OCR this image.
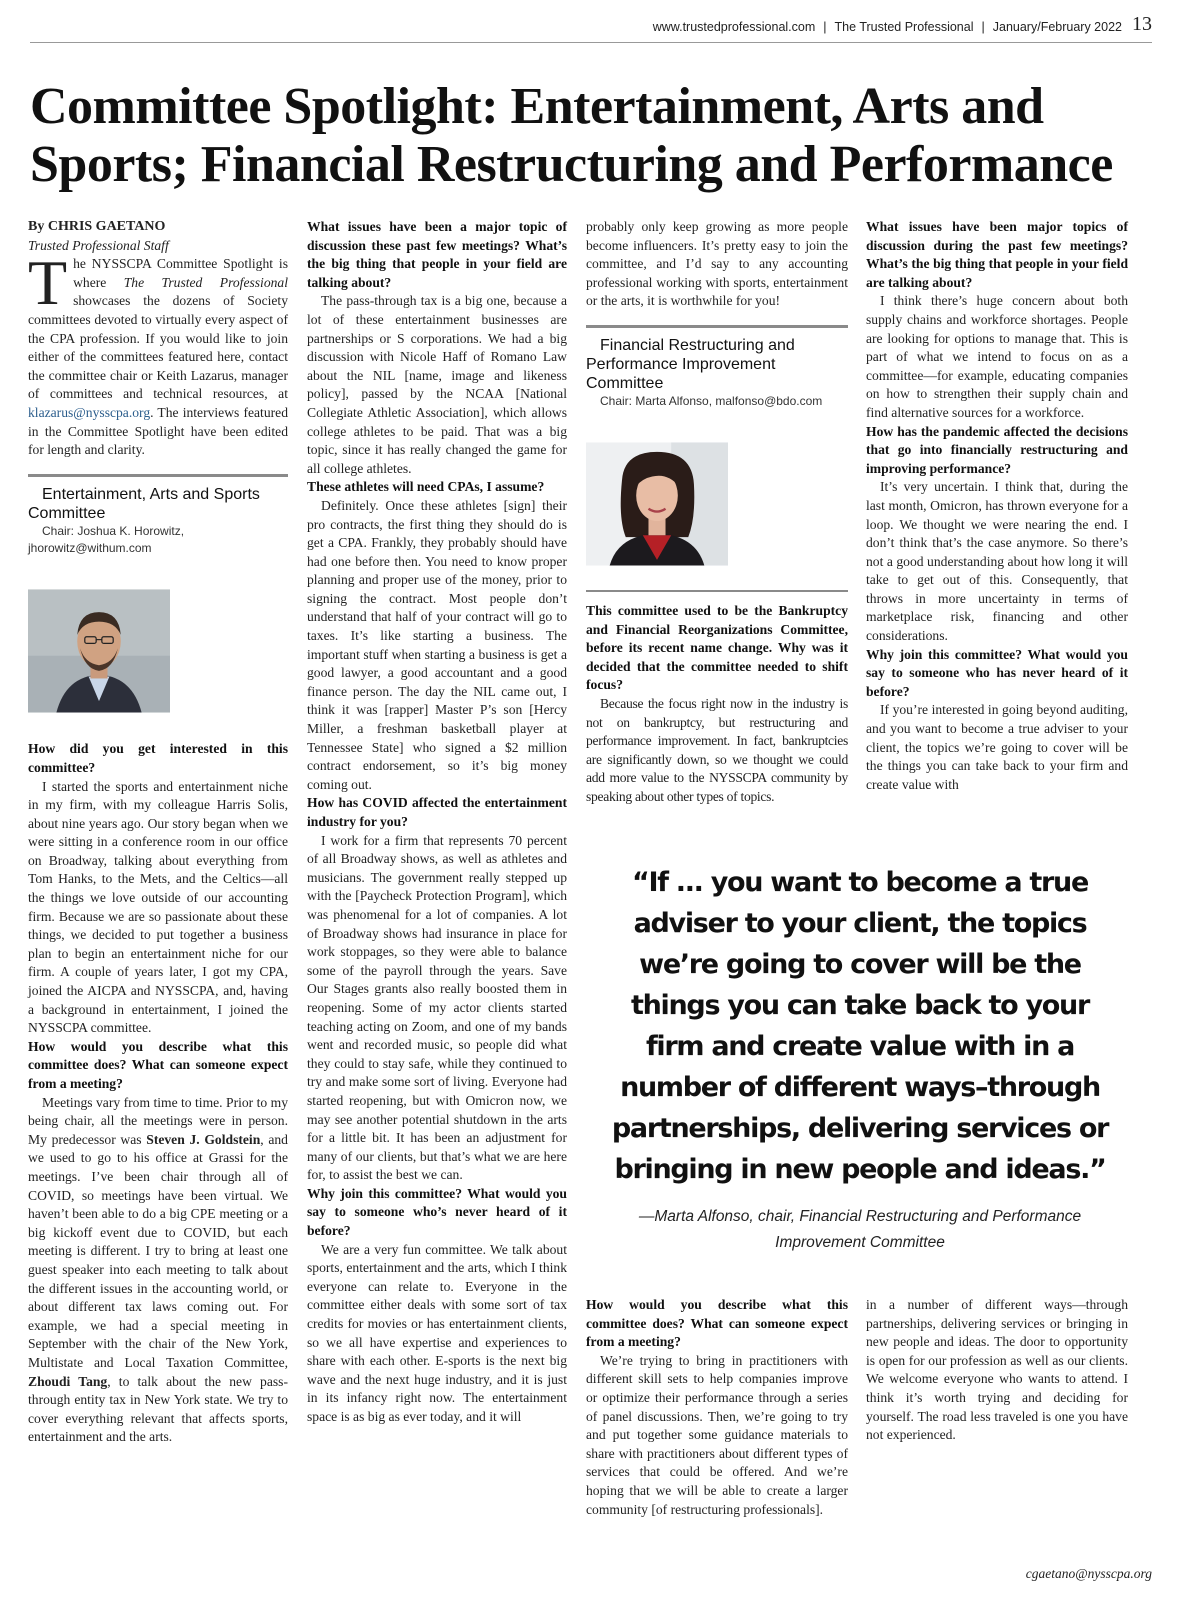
www.trustedprofessional.com | The Trusted Professional | January/February 2022 13
Committee Spotlight: Entertainment, Arts and Sports; Financial Restructuring and Performance

By CHRIS GAETANO

Trusted Professional Staff

The NYSSCPA Committee Spotlight is where The Trusted Professional showcases the dozens of Society committees devoted to virtually every aspect of the CPA profession. If you would like to join either of the committees featured here, contact the committee chair or Keith Lazarus, manager of committees and technical resources, at klazarus@nysscpa.org. The interviews featured in the Committee Spotlight have been edited for length and clarity.

Entertainment, Arts and Sports Committee

Chair: Joshua K. Horowitz, jhorowitz@withum.com

How did you get interested in this committee?

I started the sports and entertainment niche in my firm, with my colleague Harris Solis, about nine years ago. Our story began when we were sitting in a conference room in our office on Broadway, talking about everything from Tom Hanks, to the Mets, and the Celtics—all the things we love outside of our accounting firm. Because we are so passionate about these things, we decided to put together a business plan to begin an entertainment niche for our firm. A couple of years later, I got my CPA, joined the AICPA and NYSSCPA, and, having a background in entertainment, I joined the NYSSCPA committee.

How would you describe what this committee does? What can someone expect from a meeting?

Meetings vary from time to time. Prior to my being chair, all the meetings were in person. My predecessor was Steven J. Goldstein, and we used to go to his office at Grassi for the meetings. I’ve been chair through all of COVID, so meetings have been virtual. We haven’t been able to do a big CPE meeting or a big kickoff event due to COVID, but each meeting is different. I try to bring at least one guest speaker into each meeting to talk about the different issues in the accounting world, or about different tax laws coming out. For example, we had a special meeting in September with the chair of the New York, Multistate and Local Taxation Committee, Zhoudi Tang, to talk about the new pass-through entity tax in New York state. We try to cover everything relevant that affects sports, entertainment and the arts.

What issues have been a major topic of discussion these past few meetings? What’s the big thing that people in your field are talking about?

The pass-through tax is a big one, because a lot of these entertainment businesses are partnerships or S corporations. We had a big discussion with Nicole Haff of Romano Law about the NIL [name, image and likeness policy], passed by the NCAA [National Collegiate Athletic Association], which allows college athletes to be paid. That was a big topic, since it has really changed the game for all college athletes.

These athletes will need CPAs, I assume?

Definitely. Once these athletes [sign] their pro contracts, the first thing they should do is get a CPA. Frankly, they probably should have had one before then. You need to know proper planning and proper use of the money, prior to signing the contract. Most people don’t understand that half of your contract will go to taxes. It’s like starting a business. The important stuff when starting a business is get a good lawyer, a good accountant and a good finance person. The day the NIL came out, I think it was [rapper] Master P’s son [Hercy Miller, a freshman basketball player at Tennessee State] who signed a $2 million contract endorsement, so it’s big money coming out.

How has COVID affected the entertainment industry for you?

I work for a firm that represents 70 percent of all Broadway shows, as well as athletes and musicians. The government really stepped up with the [Paycheck Protection Program], which was phenomenal for a lot of companies. A lot of Broadway shows had insurance in place for work stoppages, so they were able to balance some of the payroll through the years. Save Our Stages grants also really boosted them in reopening. Some of my actor clients started teaching acting on Zoom, and one of my bands went and recorded music, so people did what they could to stay safe, while they continued to try and make some sort of living. Everyone had started reopening, but with Omicron now, we may see another potential shutdown in the arts for a little bit. It has been an adjustment for many of our clients, but that’s what we are here for, to assist the best we can.

Why join this committee? What would you say to someone who’s never heard of it before?

We are a very fun committee. We talk about sports, entertainment and the arts, which I think everyone can relate to. Everyone in the committee either deals with some sort of tax credits for movies or has entertainment clients, so we all have expertise and experiences to share with each other. E-sports is the next big wave and the next huge industry, and it is just in its infancy right now. The entertainment space is as big as ever today, and it will

probably only keep growing as more people become influencers. It’s pretty easy to join the committee, and I’d say to any accounting professional working with sports, entertainment or the arts, it is worthwhile for you!

Financial Restructuring and Performance Improvement Committee

Chair: Marta Alfonso, malfonso@bdo.com

This committee used to be the Bankruptcy and Financial Reorganizations Committee, before its recent name change. Why was it decided that the committee needed to shift focus?

Because the focus right now in the industry is not on bankruptcy, but restructuring and performance improvement. In fact, bankruptcies are significantly down, so we thought we could add more value to the NYSSCPA community by speaking about other types of topics.

What issues have been major topics of discussion during the past few meetings? What’s the big thing that people in your field are talking about?

I think there’s huge concern about both supply chains and workforce shortages. People are looking for options to manage that. This is part of what we intend to focus on as a committee—for example, educating companies on how to strengthen their supply chain and find alternative sources for a workforce.

How has the pandemic affected the decisions that go into financially restructuring and improving performance?

It’s very uncertain. I think that, during the last month, Omicron, has thrown everyone for a loop. We thought we were nearing the end. I don’t think that’s the case anymore. So there’s not a good understanding about how long it will take to get out of this. Consequently, that throws in more uncertainty in terms of marketplace risk, financing and other considerations.

Why join this committee? What would you say to someone who has never heard of it before?

If you’re interested in going beyond auditing, and you want to become a true adviser to your client, the topics we’re going to cover will be the things you can take back to your firm and create value with

“If ... you want to become a true adviser to your client, the topics we’re going to cover will be the things you can take back to your firm and create value with in a number of different ways–through partnerships, delivering services or bringing in new people and ideas.”

—Marta Alfonso, chair, Financial Restructuring and Performance Improvement Committee

How would you describe what this committee does? What can someone expect from a meeting?

We’re trying to bring in practitioners with different skill sets to help companies improve or optimize their performance through a series of panel discussions. Then, we’re going to try and put together some guidance materials to share with practitioners about different types of services that could be offered. And we’re hoping that we will be able to create a larger community [of restructuring professionals].

in a number of different ways—through partnerships, delivering services or bringing in new people and ideas. The door to opportunity is open for our profession as well as our clients. We welcome everyone who wants to attend. I think it’s worth trying and deciding for yourself. The road less traveled is one you have not experienced.

cgaetano@nysscpa.org
